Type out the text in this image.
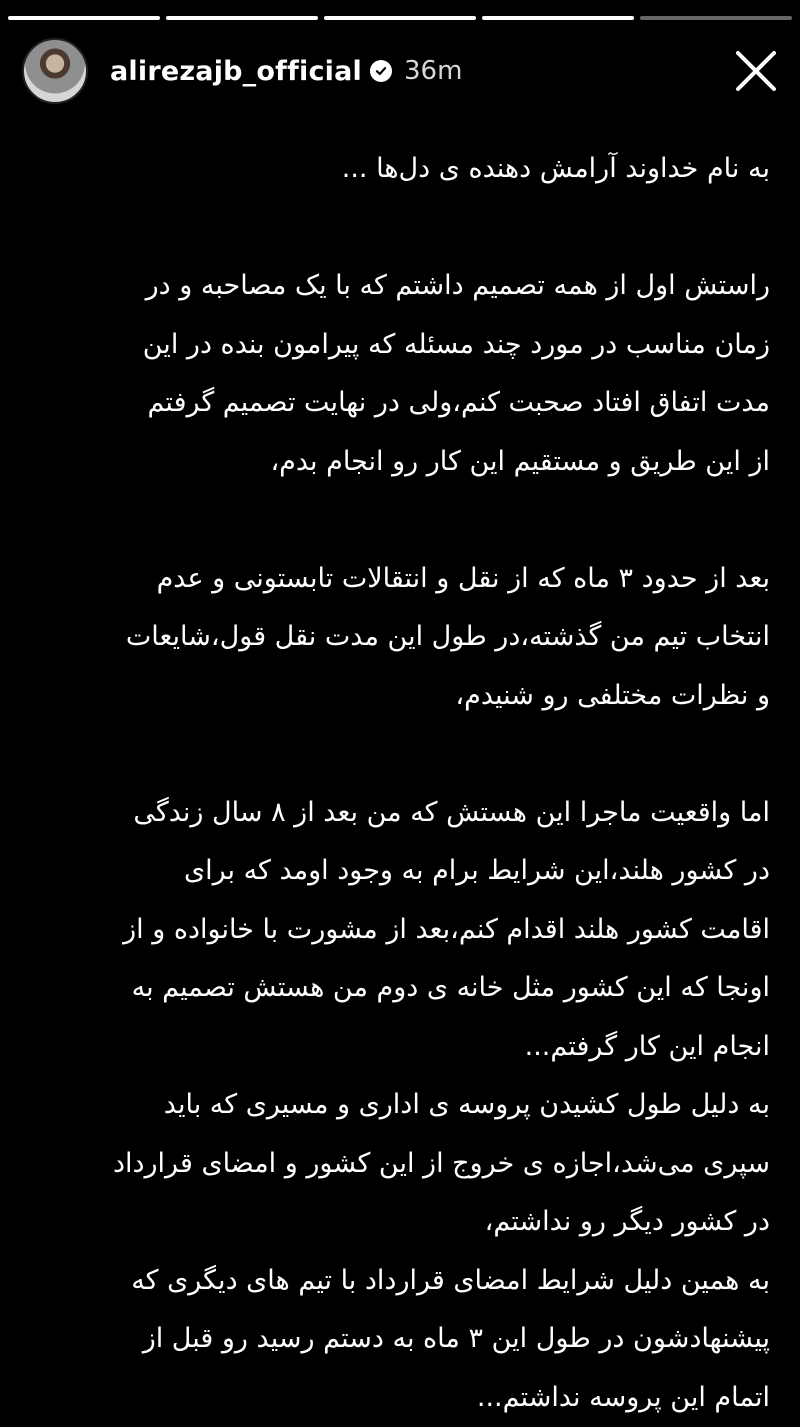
alirezajb_official 36m
به نام خداوند آرامش دهنده ی دل‌ها ...
راستش اول از همه تصمیم داشتم که با یک مصاحبه و در
زمان مناسب در مورد چند مسئله که پیرامون بنده در این
مدت اتفاق افتاد صحبت کنم،ولی در نهایت تصمیم گرفتم
از این طریق و مستقیم این کار رو انجام بدم،
بعد از حدود ۳ ماه که از نقل و انتقالات تابستونی و عدم
انتخاب تیم من گذشته،در طول این مدت نقل قول،شایعات
و نظرات مختلفی رو شنیدم،
اما واقعیت ماجرا این هستش که من بعد از ۸ سال زندگی
در کشور هلند،این شرایط برام به وجود اومد که برای
اقامت کشور هلند اقدام کنم،بعد از مشورت با خانواده و از
اونجا که این کشور مثل خانه ی دوم من هستش تصمیم به
انجام این کار گرفتم...
به دلیل طول کشیدن پروسه ی اداری و مسیری که باید
سپری می‌شد،اجازه ی خروج از این کشور و امضای قرارداد
در کشور دیگر رو نداشتم،
به همین دلیل شرایط امضای قرارداد با تیم های دیگری که
پیشنهادشون در طول این ۳ ماه به دستم رسید رو قبل از
اتمام این پروسه نداشتم...
